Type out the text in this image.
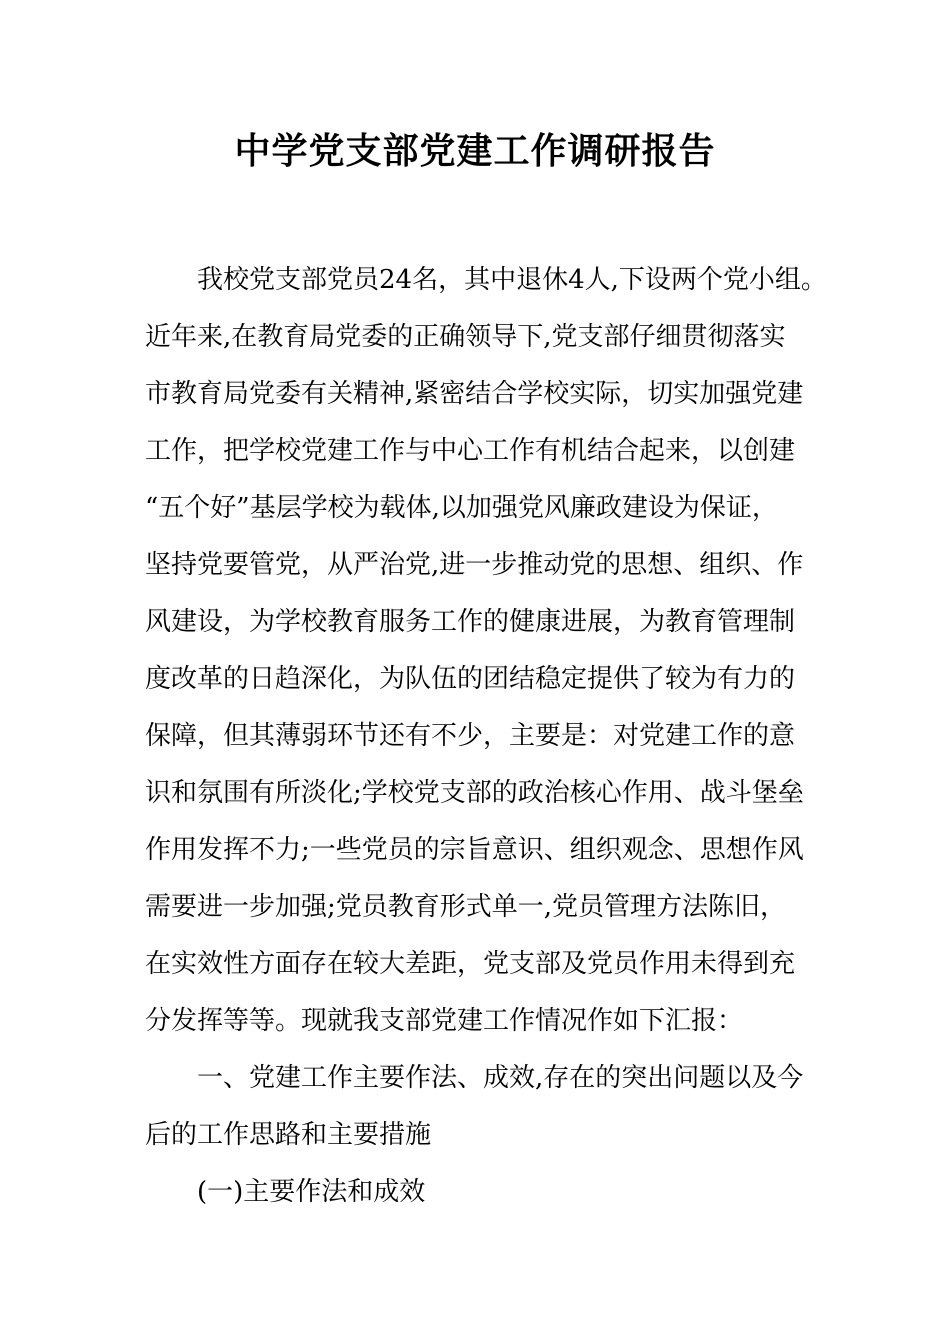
中学党支部党建工作调研报告
我校党支部党员24名，其中退休4人,下设两个党小组。
近年来,在教育局党委的正确领导下,党支部仔细贯彻落实
市教育局党委有关精神,紧密结合学校实际，切实加强党建
工作，把学校党建工作与中心工作有机结合起来，以创建
“五个好”基层学校为载体,以加强党风廉政建设为保证，
坚持党要管党，从严治党,进一步推动党的思想、组织、作
风建设，为学校教育服务工作的健康进展，为教育管理制
度改革的日趋深化，为队伍的团结稳定提供了较为有力的
保障，但其薄弱环节还有不少，主要是：对党建工作的意
识和氛围有所淡化;学校党支部的政治核心作用、战斗堡垒
作用发挥不力;一些党员的宗旨意识、组织观念、思想作风
需要进一步加强;党员教育形式单一,党员管理方法陈旧，
在实效性方面存在较大差距，党支部及党员作用未得到充
分发挥等等。现就我支部党建工作情况作如下汇报：
一、党建工作主要作法、成效,存在的突出问题以及今
后的工作思路和主要措施
(一)主要作法和成效
